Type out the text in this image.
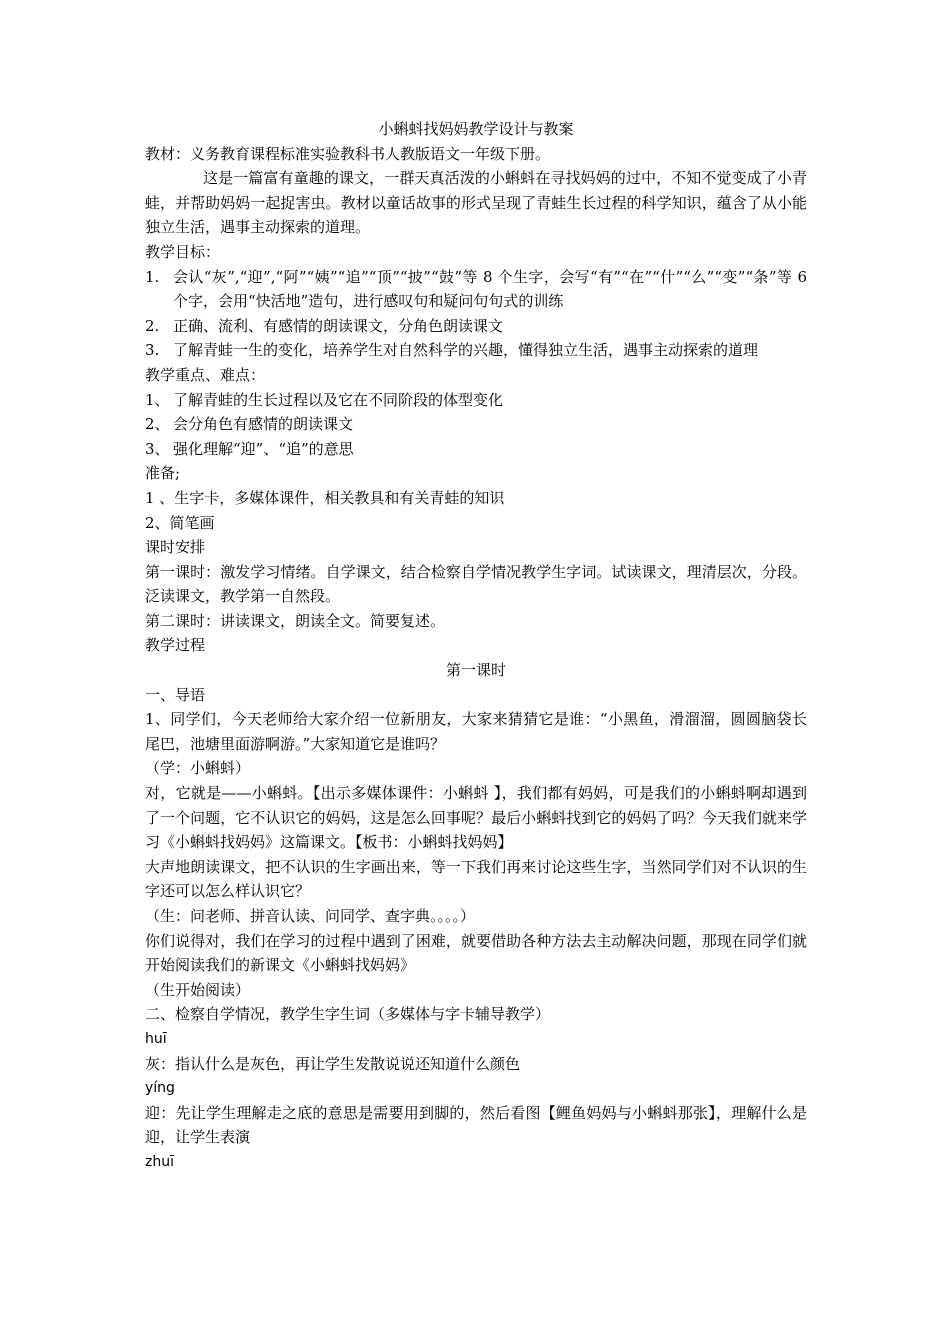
小蝌蚪找妈妈教学设计与教案

教材：义务教育课程标准实验教科书人教版语文一年级下册。

这是一篇富有童趣的课文，一群天真活泼的小蝌蚪在寻找妈妈的过中，不知不觉变成了小青蛙，并帮助妈妈一起捉害虫。教材以童话故事的形式呈现了青蛙生长过程的科学知识，蕴含了从小能独立生活，遇事主动探索的道理。

教学目标：

1. 会认“灰”,“迎”,“阿”“姨”“追”“顶”“披”“鼓”等 8 个生字，会写“有”“在”“什”“么”“变”“条”等 6 个字，会用“快活地”造句，进行感叹句和疑问句句式的训练

2. 正确、流利、有感情的朗读课文，分角色朗读课文

3. 了解青蛙一生的变化，培养学生对自然科学的兴趣，懂得独立生活，遇事主动探索的道理

教学重点、难点：

1、 了解青蛙的生长过程以及它在不同阶段的体型变化

2、 会分角色有感情的朗读课文

3、 强化理解“迎”、“追”的意思

准备;

1 、生字卡，多媒体课件，相关教具和有关青蛙的知识

2、简笔画

课时安排

第一课时：激发学习情绪。自学课文，结合检察自学情况教学生字词。试读课文，理清层次，分段。泛读课文，教学第一自然段。

第二课时：讲读课文，朗读全文。简要复述。

教学过程

第一课时

一、导语

1、同学们，今天老师给大家介绍一位新朋友，大家来猜猜它是谁：“小黑鱼，滑溜溜，圆圆脑袋长尾巴，池塘里面游啊游。”大家知道它是谁吗？

（学：小蝌蚪）

对，它就是——小蝌蚪。【出示多媒体课件：小蝌蚪 】，我们都有妈妈，可是我们的小蝌蚪啊却遇到了一个问题，它不认识它的妈妈，这是怎么回事呢？最后小蝌蚪找到它的妈妈了吗？今天我们就来学习《小蝌蚪找妈妈》这篇课文。【板书：小蝌蚪找妈妈】

大声地朗读课文，把不认识的生字画出来，等一下我们再来讨论这些生字，当然同学们对不认识的生字还可以怎么样认识它？

（生：问老师、拼音认读、问同学、查字典。。。。）

你们说得对，我们在学习的过程中遇到了困难，就要借助各种方法去主动解决问题，那现在同学们就开始阅读我们的新课文《小蝌蚪找妈妈》

（生开始阅读）

二、检察自学情况，教学生字生词（多媒体与字卡辅导教学）

huī

灰：指认什么是灰色，再让学生发散说说还知道什么颜色

yíng

迎：先让学生理解走之底的意思是需要用到脚的，然后看图【鲤鱼妈妈与小蝌蚪那张】，理解什么是迎，让学生表演

zhuī
